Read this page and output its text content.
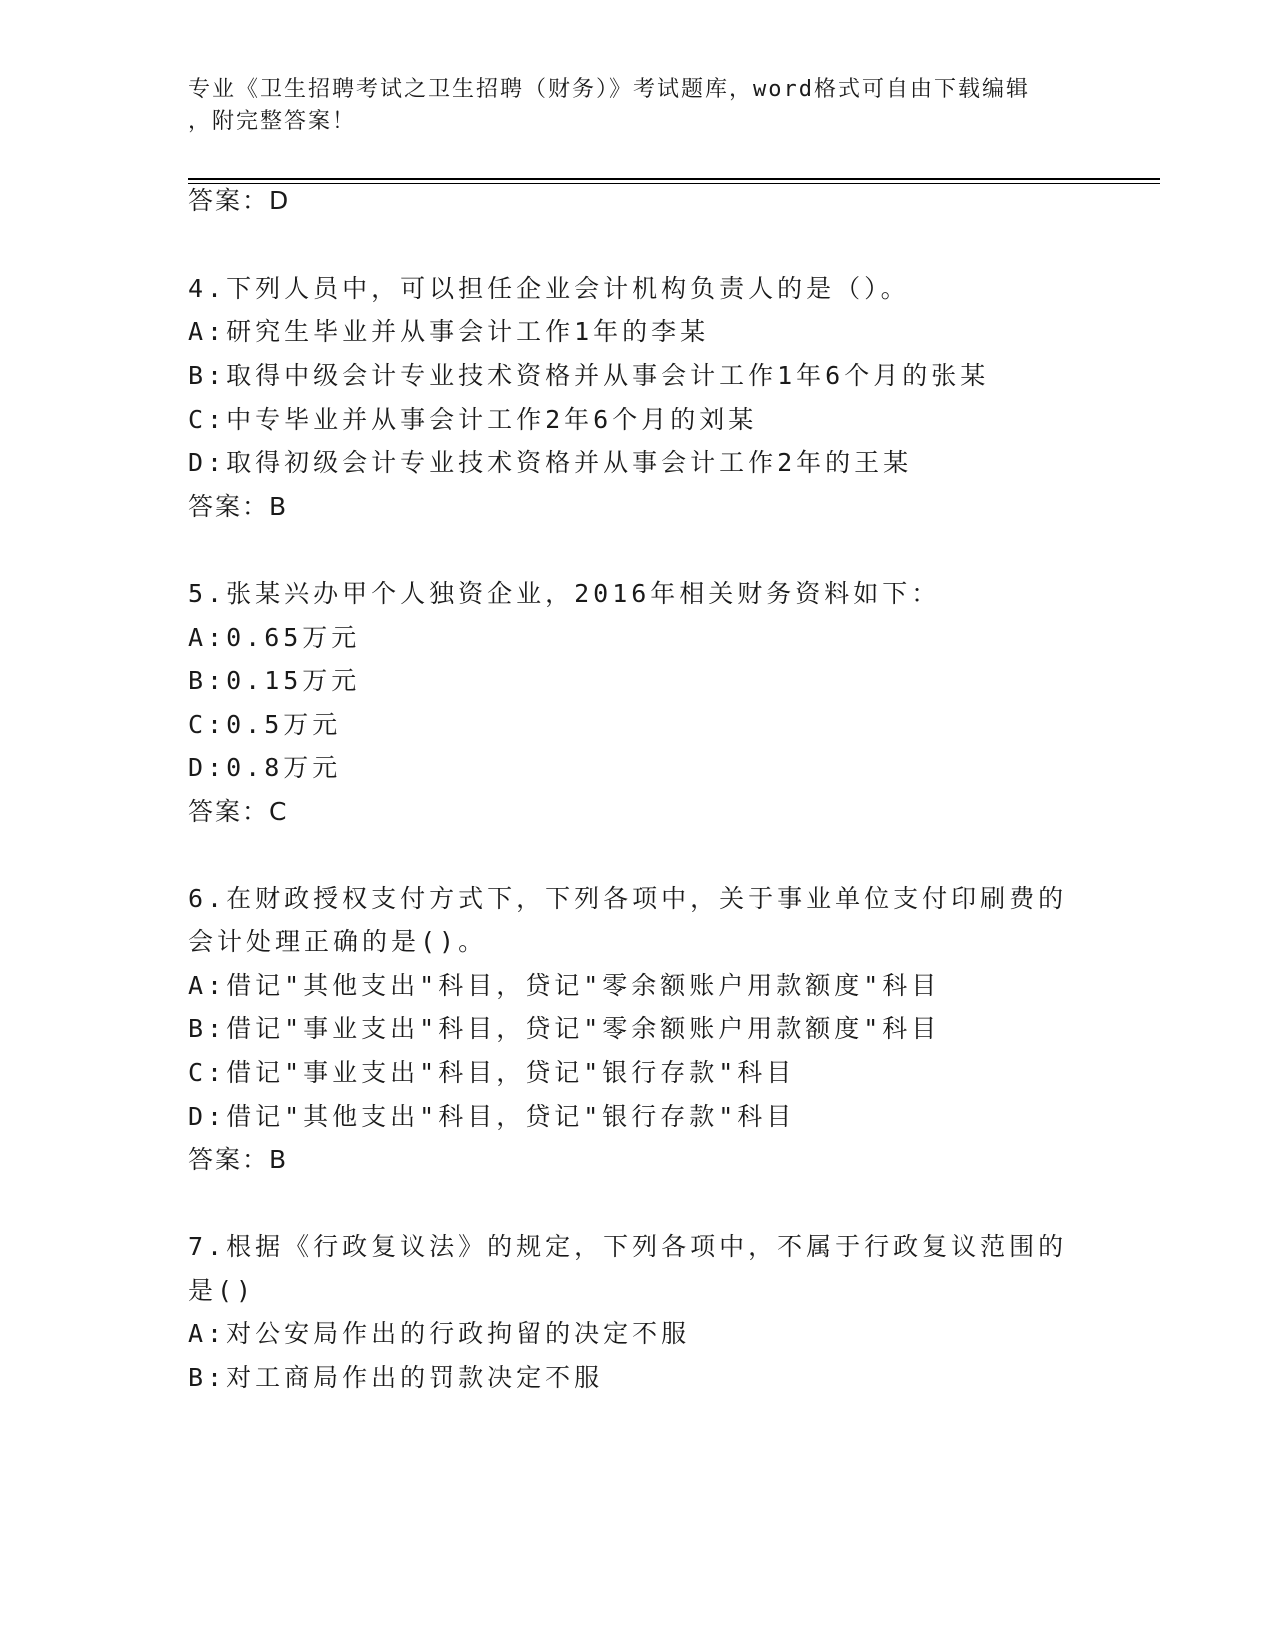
专业《卫生招聘考试之卫生招聘（财务）》考试题库，word格式可自由下载编辑
，附完整答案！
答案：D
4.下列人员中，可以担任企业会计机构负责人的是（）。
A:研究生毕业并从事会计工作1年的李某
B:取得中级会计专业技术资格并从事会计工作1年6个月的张某
C:中专毕业并从事会计工作2年6个月的刘某
D:取得初级会计专业技术资格并从事会计工作2年的王某
答案：B
5.张某兴办甲个人独资企业，2016年相关财务资料如下：
A:0.65万元
B:0.15万元
C:0.5万元
D:0.8万元
答案：C
6.在财政授权支付方式下，下列各项中，关于事业单位支付印刷费的
会计处理正确的是()。
A:借记"其他支出"科目，贷记"零余额账户用款额度"科目
B:借记"事业支出"科目，贷记"零余额账户用款额度"科目
C:借记"事业支出"科目，贷记"银行存款"科目
D:借记"其他支出"科目，贷记"银行存款"科目
答案：B
7.根据《行政复议法》的规定，下列各项中，不属于行政复议范围的
是()
A:对公安局作出的行政拘留的决定不服
B:对工商局作出的罚款决定不服
